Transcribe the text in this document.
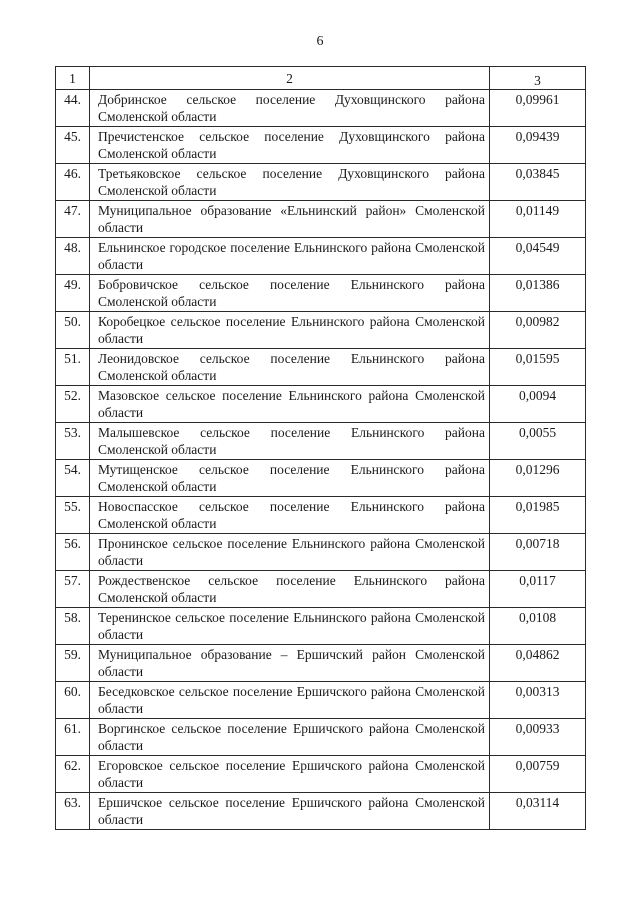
6
1	2	3
44.	Добринское сельское поселение Духовщинского района Смоленской области	0,09961
45.	Пречистенское сельское поселение Духовщинского района Смоленской области	0,09439
46.	Третьяковское сельское поселение Духовщинского района Смоленской области	0,03845
47.	Муниципальное образование «Ельнинский район» Смоленской области	0,01149
48.	Ельнинское городское поселение Ельнинского района Смоленской области	0,04549
49.	Бобровичское сельское поселение Ельнинского района Смоленской области	0,01386
50.	Коробецкое сельское поселение Ельнинского района Смоленской области	0,00982
51.	Леонидовское сельское поселение Ельнинского района Смоленской области	0,01595
52.	Мазовское сельское поселение Ельнинского района Смоленской области	0,0094
53.	Малышевское сельское поселение Ельнинского района Смоленской области	0,0055
54.	Мутищенское сельское поселение Ельнинского района Смоленской области	0,01296
55.	Новоспасское сельское поселение Ельнинского района Смоленской области	0,01985
56.	Пронинское сельское поселение Ельнинского района Смоленской области	0,00718
57.	Рождественское сельское поселение Ельнинского района Смоленской области	0,0117
58.	Теренинское сельское поселение Ельнинского района Смоленской области	0,0108
59.	Муниципальное образование – Ершичский район Смоленской области	0,04862
60.	Беседковское сельское поселение Ершичского района Смоленской области	0,00313
61.	Воргинское сельское поселение Ершичского района Смоленской области	0,00933
62.	Егоровское сельское поселение Ершичского района Смоленской области	0,00759
63.	Ершичское сельское поселение Ершичского района Смоленской области	0,03114
